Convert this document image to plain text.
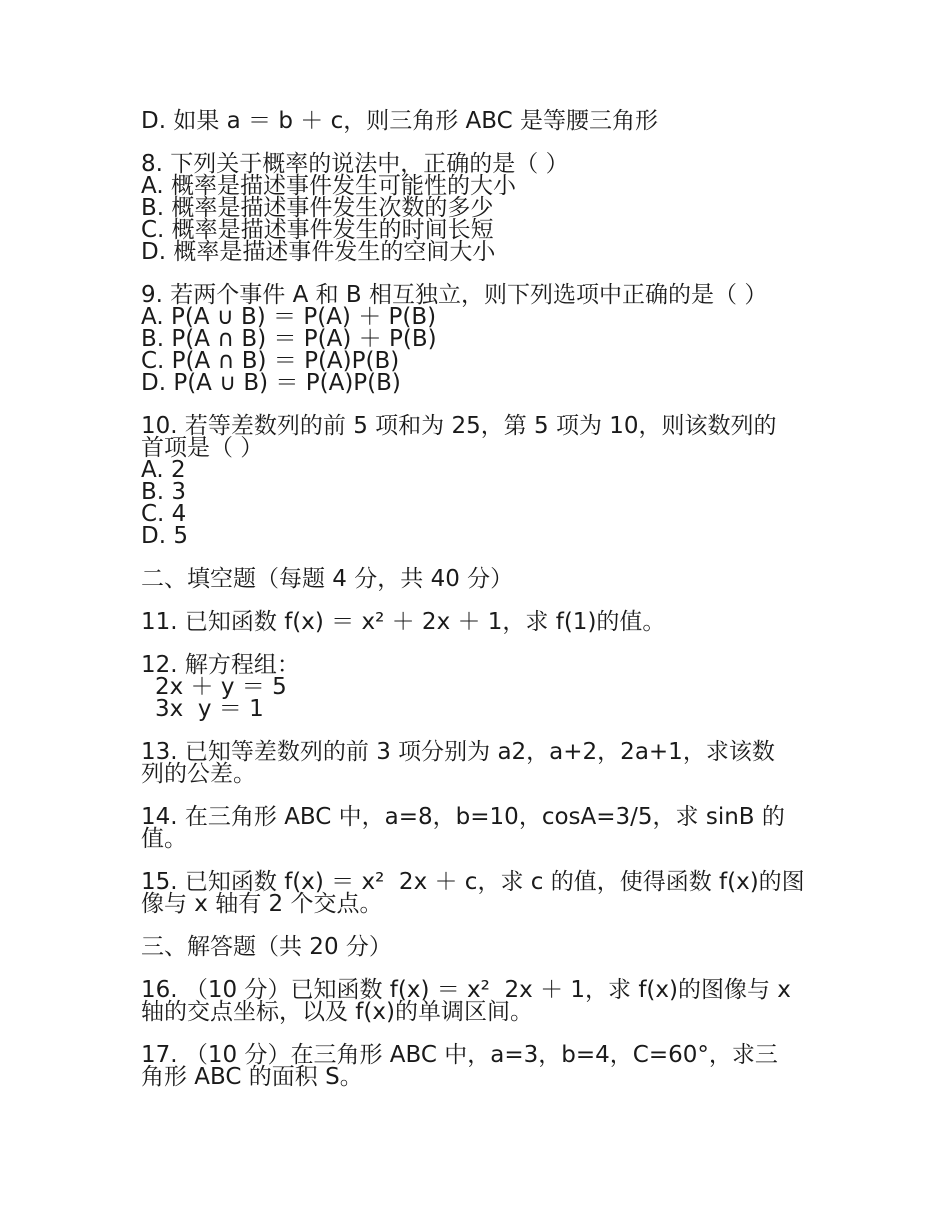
D. 如果 a ＝ b ＋ c，则三角形 ABC 是等腰三角形

8. 下列关于概率的说法中，正确的是（ ）

A. 概率是描述事件发生可能性的大小

B. 概率是描述事件发生次数的多少

C. 概率是描述事件发生的时间长短

D. 概率是描述事件发生的空间大小

9. 若两个事件 A 和 B 相互独立，则下列选项中正确的是（ ）

A. P(A ∪ B) ＝ P(A) ＋ P(B)

B. P(A ∩ B) ＝ P(A) ＋ P(B)

C. P(A ∩ B) ＝ P(A)P(B)

D. P(A ∪ B) ＝ P(A)P(B)

10. 若等差数列的前 5 项和为 25，第 5 项为 10，则该数列的

首项是（ ）

A. 2

B. 3

C. 4

D. 5

二、填空题（每题 4 分，共 40 分）

11. 已知函数 f(x) ＝ x² ＋ 2x ＋ 1，求 f(1)的值。

12. 解方程组：

2x ＋ y ＝ 5

3x  y ＝ 1

13. 已知等差数列的前 3 项分别为 a2，a+2，2a+1，求该数

列的公差。

14. 在三角形 ABC 中，a=8，b=10，cosA=3/5，求 sinB 的

值。

15. 已知函数 f(x) ＝ x²  2x ＋ c，求 c 的值，使得函数 f(x)的图

像与 x 轴有 2 个交点。

三、解答题（共 20 分）

16. （10 分）已知函数 f(x) ＝ x²  2x ＋ 1，求 f(x)的图像与 x

轴的交点坐标，以及 f(x)的单调区间。

17. （10 分）在三角形 ABC 中，a=3，b=4，C=60°，求三

角形 ABC 的面积 S。
